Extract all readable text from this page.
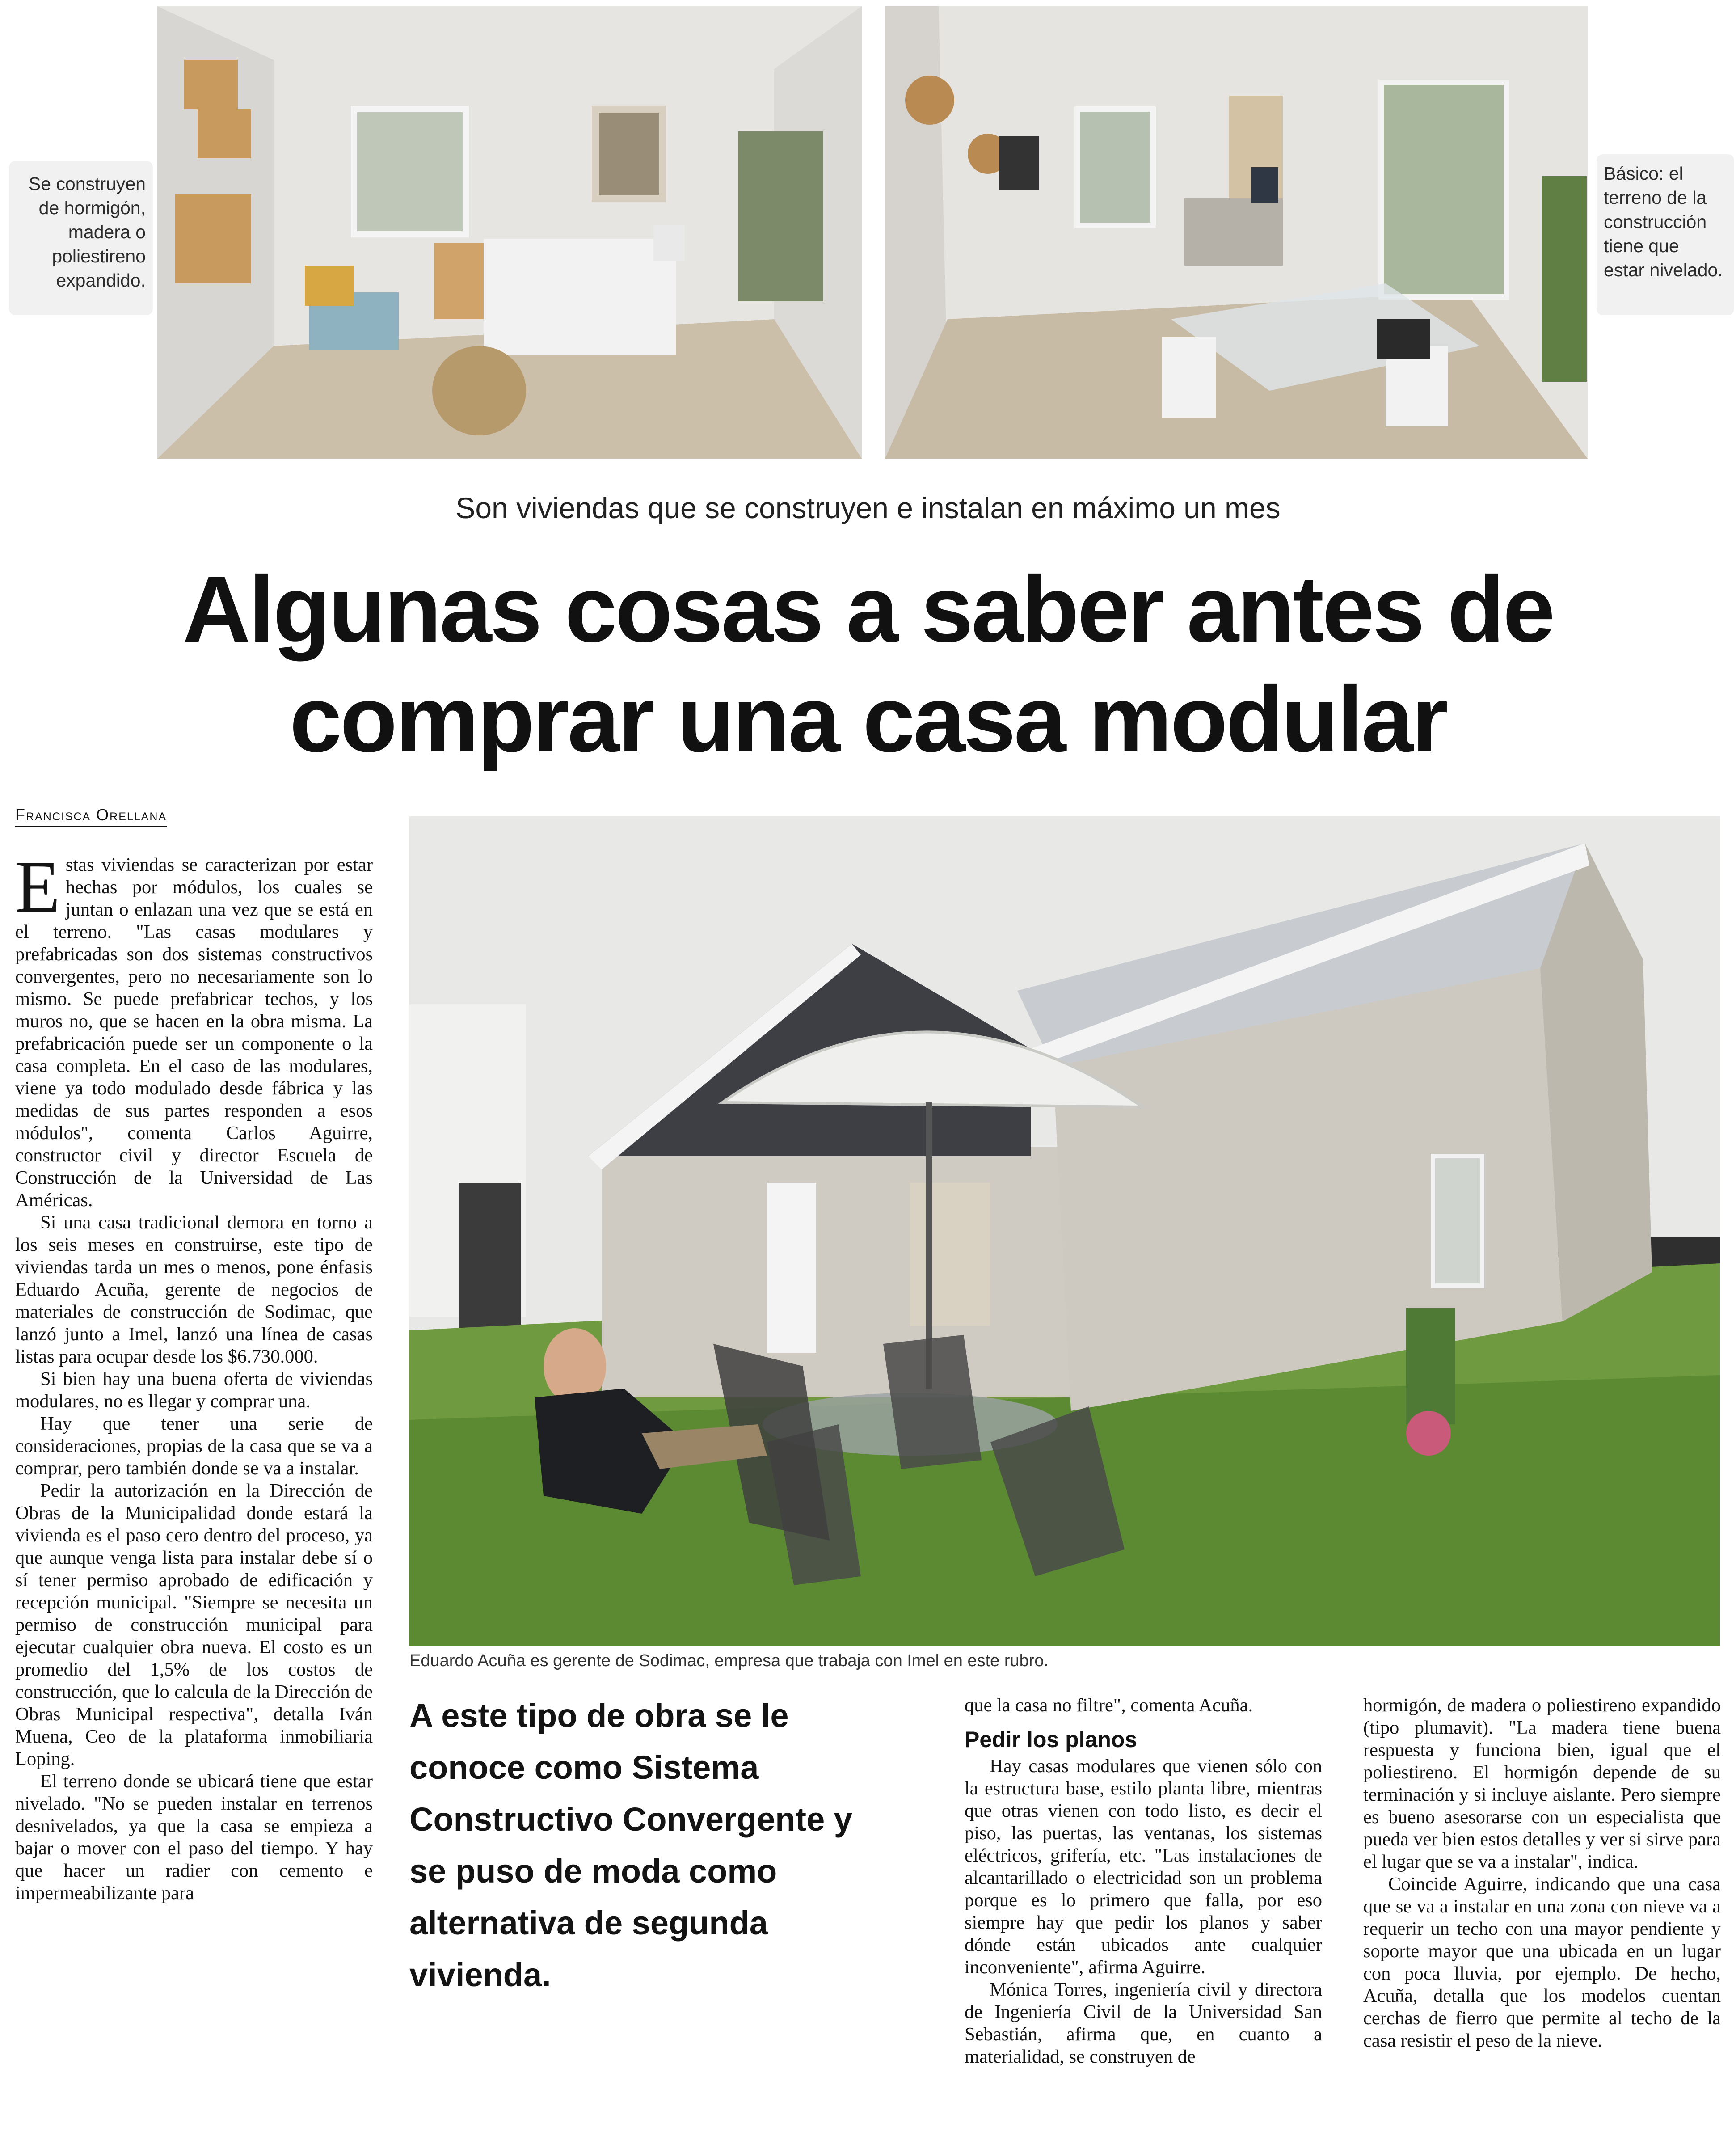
Se construyen de hormigón, madera o poliestireno expandido.
Básico: el terreno de la construcción tiene que estar nivelado.
Son viviendas que se construyen e instalan en máximo un mes
Algunas cosas a saber antes de comprar una casa modular
Francisca Orellana
Eduardo Acuña es gerente de Sodimac, empresa que trabaja con Imel en este rubro.

Estas viviendas se caracterizan por estar hechas por módulos, los cuales se juntan o enlazan una vez que se está en el terreno. "Las casas modulares y prefabricadas son dos sistemas constructivos convergentes, pero no necesariamente son lo mismo. Se puede prefabricar techos, y los muros no, que se hacen en la obra misma. La prefabricación puede ser un componente o la casa completa. En el caso de las modulares, viene ya todo modulado desde fábrica y las medidas de sus partes responden a esos módulos", comenta Carlos Aguirre, constructor civil y director Escuela de Construcción de la Universidad de Las Américas.

Si una casa tradicional demora en torno a los seis meses en construirse, este tipo de viviendas tarda un mes o menos, pone énfasis Eduardo Acuña, gerente de negocios de materiales de construcción de Sodimac, que lanzó junto a Imel, lanzó una línea de casas listas para ocupar desde los $6.730.000.

Si bien hay una buena oferta de viviendas modulares, no es llegar y comprar una.

Hay que tener una serie de consideraciones, propias de la casa que se va a comprar, pero también donde se va a instalar.

Pedir la autorización en la Dirección de Obras de la Municipalidad donde estará la vivienda es el paso cero dentro del proceso, ya que aunque venga lista para instalar debe sí o sí tener permiso aprobado de edificación y recepción municipal. "Siempre se necesita un permiso de construcción municipal para ejecutar cualquier obra nueva. El costo es un promedio del 1,5% de los costos de construcción, que lo calcula de la Dirección de Obras Municipal respectiva", detalla Iván Muena, Ceo de la plataforma inmobiliaria Loping.

El terreno donde se ubicará tiene que estar nivelado. "No se pueden instalar en terrenos desnivelados, ya que la casa se empieza a bajar o mover con el paso del tiempo. Y hay que hacer un radier con cemento e impermeabilizante para

A este tipo de obra se le conoce como Sistema Constructivo Convergente y se puso de moda como alternativa de segunda vivienda.

que la casa no filtre", comenta Acuña.

Pedir los planos

Hay casas modulares que vienen sólo con la estructura base, estilo planta libre, mientras que otras vienen con todo listo, es decir el piso, las puertas, las ventanas, los sistemas eléctricos, grifería, etc. "Las instalaciones de alcantarillado o electricidad son un problema porque es lo primero que falla, por eso siempre hay que pedir los planos y saber dónde están ubicados ante cualquier inconveniente", afirma Aguirre.

Mónica Torres, ingeniería civil y directora de Ingeniería Civil de la Universidad San Sebastián, afirma que, en cuanto a materialidad, se construyen de

hormigón, de madera o poliestireno expandido (tipo plumavit). "La madera tiene buena respuesta y funciona bien, igual que el poliestireno. El hormigón depende de su terminación y si incluye aislante. Pero siempre es bueno asesorarse con un especialista que pueda ver bien estos detalles y ver si sirve para el lugar que se va a instalar", indica.

Coincide Aguirre, indicando que una casa que se va a instalar en una zona con nieve va a requerir un techo con una mayor pendiente y soporte mayor que una ubicada en un lugar con poca lluvia, por ejemplo. De hecho, Acuña, detalla que los modelos cuentan cerchas de fierro que permite al techo de la casa resistir el peso de la nieve.
